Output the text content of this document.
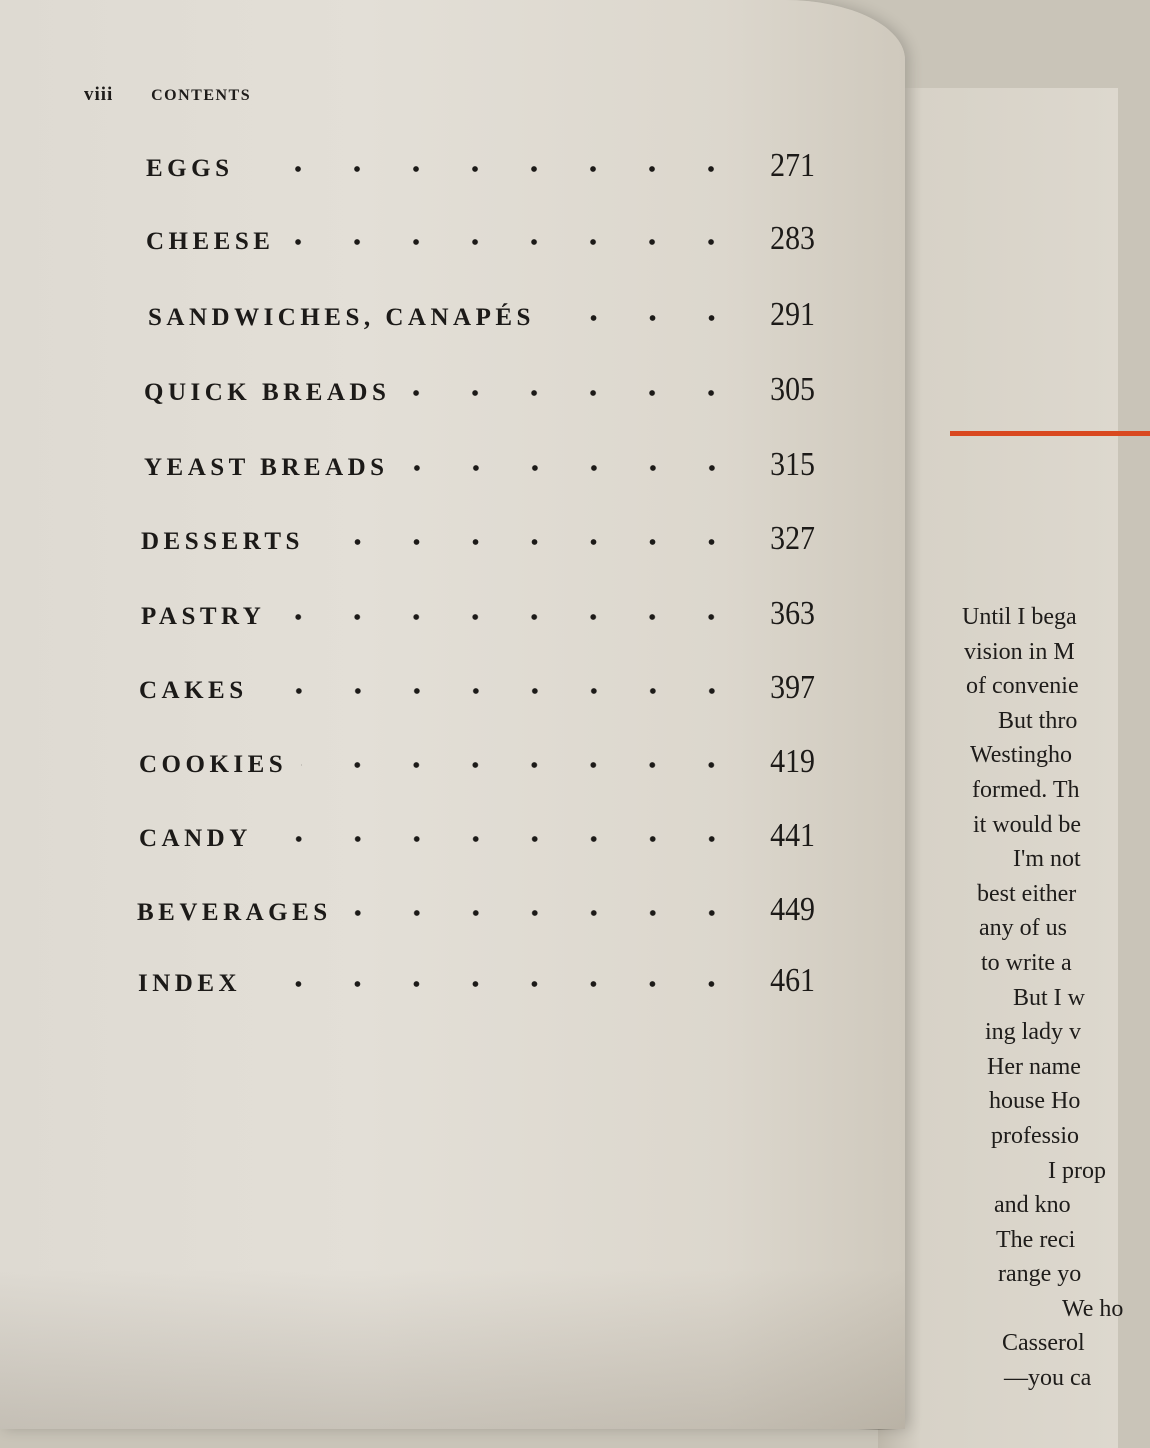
viii CONTENTS
EGGS	271
CHEESE	283
SANDWICHES, CANAPÉS	291
QUICK BREADS	305
YEAST BREADS	315
DESSERTS	327
PASTRY	363
CAKES	397
COOKIES	419
CANDY	441
BEVERAGES	449
INDEX	461
Until I bega
vision in M
of convenie
But thro
Westingho
formed. Th
it would be
I'm not
best either
any of us
to write a
But I w
ing lady v
Her name
house Ho
professio
I prop
and kno
The reci
range yo
We ho
Casserol
—you ca
